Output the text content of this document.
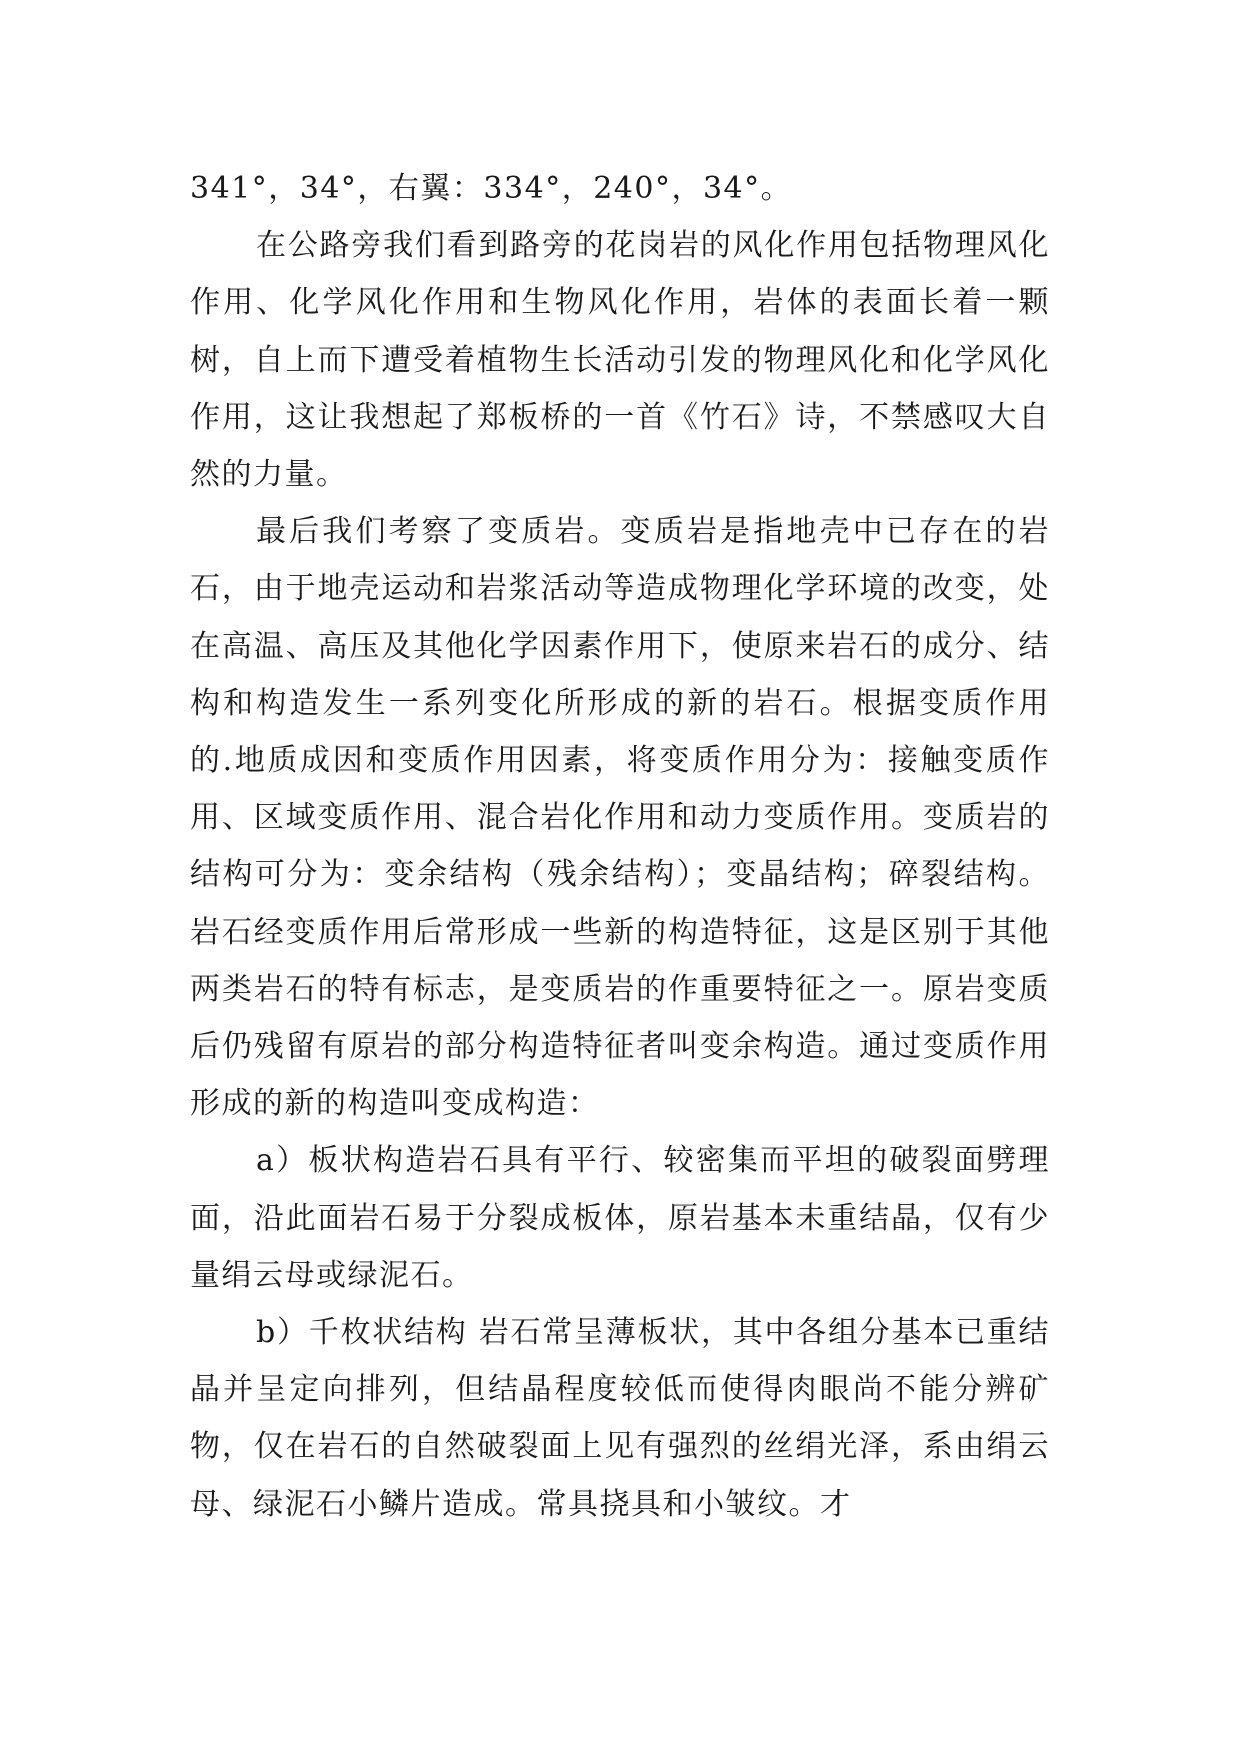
341°，34°，右翼：334°，240°，34°。

在公路旁我们看到路旁的花岗岩的风化作用包括物理风化作用、化学风化作用和生物风化作用，岩体的表面长着一颗树，自上而下遭受着植物生长活动引发的物理风化和化学风化作用，这让我想起了郑板桥的一首《竹石》诗，不禁感叹大自然的力量。

最后我们考察了变质岩。变质岩是指地壳中已存在的岩石，由于地壳运动和岩浆活动等造成物理化学环境的改变，处在高温、高压及其他化学因素作用下，使原来岩石的成分、结构和构造发生一系列变化所形成的新的岩石。根据变质作用的.地质成因和变质作用因素，将变质作用分为：接触变质作用、区域变质作用、混合岩化作用和动力变质作用。变质岩的结构可分为：变余结构（残余结构）；变晶结构；碎裂结构。岩石经变质作用后常形成一些新的构造特征，这是区别于其他两类岩石的特有标志，是变质岩的作重要特征之一。原岩变质后仍残留有原岩的部分构造特征者叫变余构造。通过变质作用形成的新的构造叫变成构造：

a）板状构造岩石具有平行、较密集而平坦的破裂面劈理面，沿此面岩石易于分裂成板体，原岩基本未重结晶，仅有少量绢云母或绿泥石。

b）千枚状结构 岩石常呈薄板状，其中各组分基本已重结晶并呈定向排列，但结晶程度较低而使得肉眼尚不能分辨矿物，仅在岩石的自然破裂面上见有强烈的丝绢光泽，系由绢云母、绿泥石小鳞片造成。常具挠具和小皱纹。才
